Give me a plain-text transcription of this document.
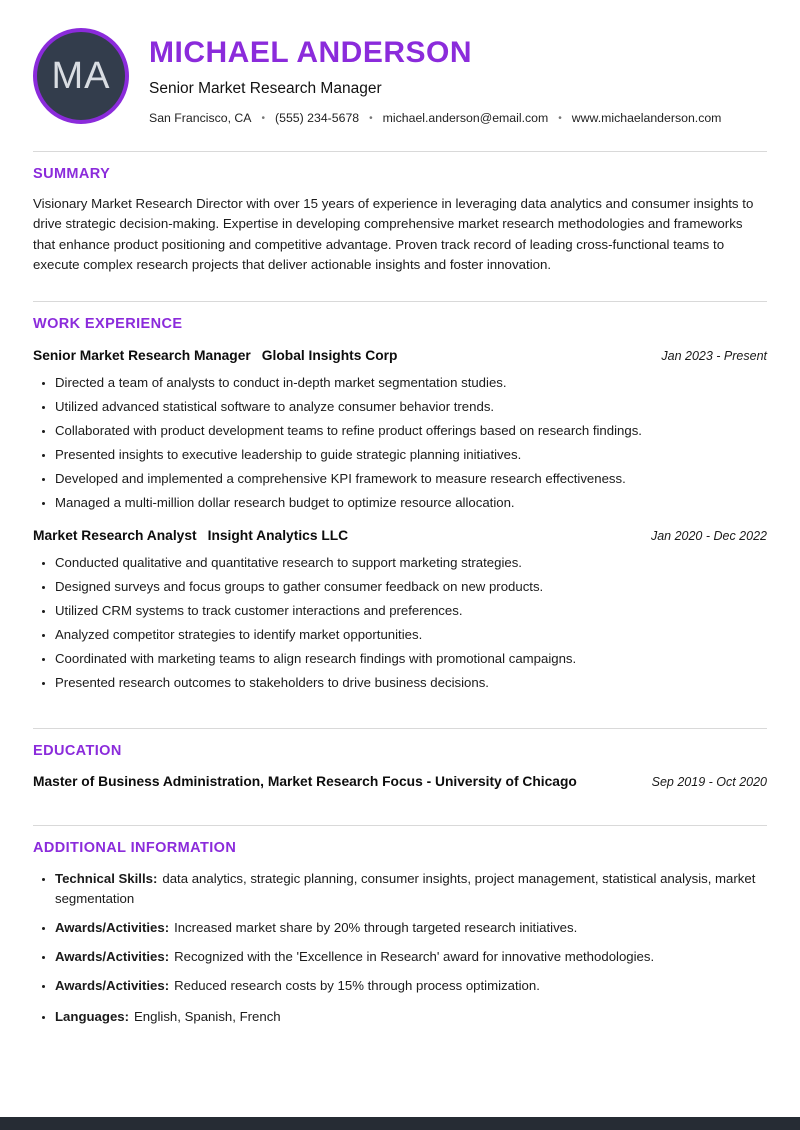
MA
MICHAEL ANDERSON
Senior Market Research Manager
San Francisco, CA • (555) 234-5678 • michael.anderson@email.com • www.michaelanderson.com
SUMMARY

Visionary Market Research Director with over 15 years of experience in leveraging data analytics and consumer insights to drive strategic decision-making. Expertise in developing comprehensive market research methodologies and frameworks that enhance product positioning and competitive advantage. Proven track record of leading cross-functional teams to execute complex research projects that deliver actionable insights and foster innovation.

WORK EXPERIENCE
Senior Market Research Manager Global Insights Corp	Jan 2023 - Present
• Directed a team of analysts to conduct in-depth market segmentation studies.
• Utilized advanced statistical software to analyze consumer behavior trends.
• Collaborated with product development teams to refine product offerings based on research findings.
• Presented insights to executive leadership to guide strategic planning initiatives.
• Developed and implemented a comprehensive KPI framework to measure research effectiveness.
• Managed a multi-million dollar research budget to optimize resource allocation.
Market Research Analyst Insight Analytics LLC	Jan 2020 - Dec 2022
• Conducted qualitative and quantitative research to support marketing strategies.
• Designed surveys and focus groups to gather consumer feedback on new products.
• Utilized CRM systems to track customer interactions and preferences.
• Analyzed competitor strategies to identify market opportunities.
• Coordinated with marketing teams to align research findings with promotional campaigns.
• Presented research outcomes to stakeholders to drive business decisions.
EDUCATION
Master of Business Administration, Market Research Focus - University of Chicago	Sep 2019 - Oct 2020
ADDITIONAL INFORMATION
• Technical Skills: data analytics, strategic planning, consumer insights, project management, statistical analysis, market segmentation
• Awards/Activities: Increased market share by 20% through targeted research initiatives.
• Awards/Activities: Recognized with the 'Excellence in Research' award for innovative methodologies.
• Awards/Activities: Reduced research costs by 15% through process optimization.
• Languages: English, Spanish, French
